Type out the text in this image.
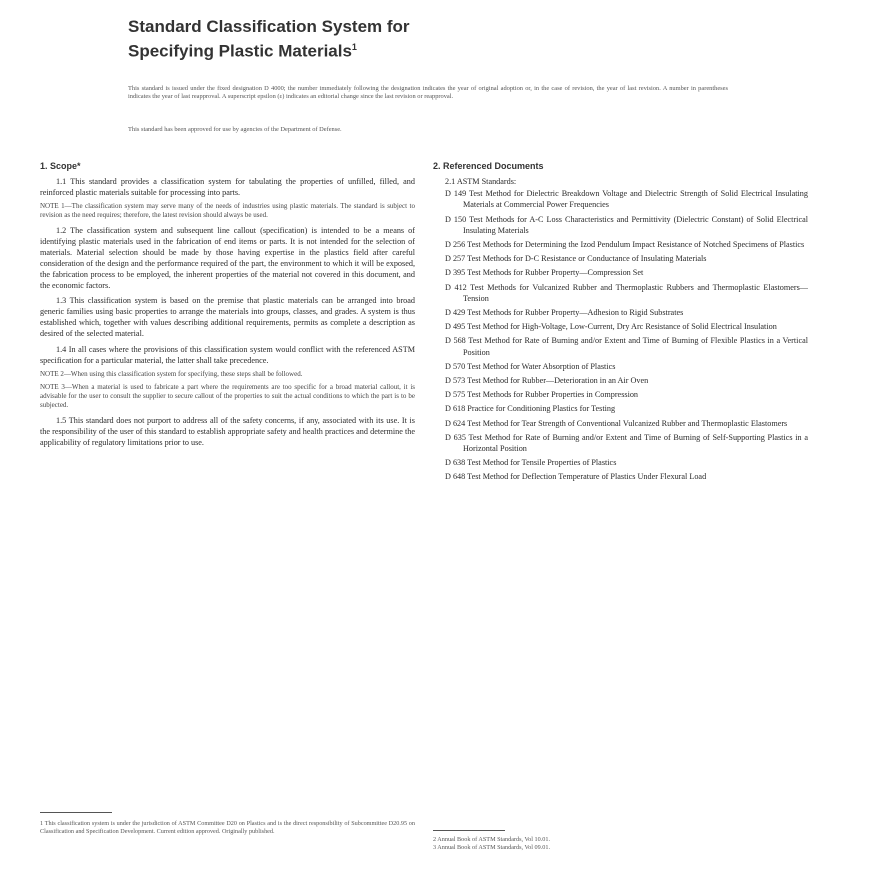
Standard Classification System for
Specifying Plastic Materials$^1$
This standard is issued under the fixed designation D 4000; the number immediately following the designation indicates the year of original adoption or, in the case of revision, the year of last revision. A number in parentheses indicates the year of last reapproval. A superscript epsilon (ε) indicates an editorial change since the last revision or reapproval.
This standard has been approved for use by agencies of the Department of Defense.
1. Scope*

1.1 This standard provides a classification system for tabulating the properties of unfilled, filled, and reinforced plastic materials suitable for processing into parts.

NOTE 1—The classification system may serve many of the needs of industries using plastic materials. The standard is subject to revision as the need requires; therefore, the latest revision should always be used.

1.2 The classification system and subsequent line callout (specification) is intended to be a means of identifying plastic materials used in the fabrication of end items or parts. It is not intended for the selection of materials. Material selection should be made by those having expertise in the plastics field after careful consideration of the design and the performance required of the part, the environment to which it will be exposed, the fabrication process to be employed, the inherent properties of the material not covered in this document, and the economic factors.

1.3 This classification system is based on the premise that plastic materials can be arranged into broad generic families using basic properties to arrange the materials into groups, classes, and grades. A system is thus established which, together with values describing additional requirements, permits as complete a description as desired of the selected material.

1.4 In all cases where the provisions of this classification system would conflict with the referenced ASTM specification for a particular material, the latter shall take precedence.

NOTE 2—When using this classification system for specifying, these steps shall be followed.

NOTE 3—When a material is used to fabricate a part where the requirements are too specific for a broad material callout, it is advisable for the user to consult the supplier to secure callout of the properties to suit the actual conditions to which the part is to be subjected.

1.5 This standard does not purport to address all of the safety concerns, if any, associated with its use. It is the responsibility of the user of this standard to establish appropriate safety and health practices and determine the applicability of regulatory limitations prior to use.

2. Referenced Documents
2.1 ASTM Standards:
D 149 Test Method for Dielectric Breakdown Voltage and Dielectric Strength of Solid Electrical Insulating Materials at Commercial Power Frequencies
D 150 Test Methods for A-C Loss Characteristics and Permittivity (Dielectric Constant) of Solid Electrical Insulating Materials
D 256 Test Methods for Determining the Izod Pendulum Impact Resistance of Notched Specimens of Plastics
D 257 Test Methods for D-C Resistance or Conductance of Insulating Materials
D 395 Test Methods for Rubber Property—Compression Set
D 412 Test Methods for Vulcanized Rubber and Thermoplastic Rubbers and Thermoplastic Elastomers—Tension
D 429 Test Methods for Rubber Property—Adhesion to Rigid Substrates
D 495 Test Method for High-Voltage, Low-Current, Dry Arc Resistance of Solid Electrical Insulation
D 568 Test Method for Rate of Burning and/or Extent and Time of Burning of Flexible Plastics in a Vertical Position
D 570 Test Method for Water Absorption of Plastics
D 573 Test Method for Rubber—Deterioration in an Air Oven
D 575 Test Methods for Rubber Properties in Compression
D 618 Practice for Conditioning Plastics for Testing
D 624 Test Method for Tear Strength of Conventional Vulcanized Rubber and Thermoplastic Elastomers
D 635 Test Method for Rate of Burning and/or Extent and Time of Burning of Self-Supporting Plastics in a Horizontal Position
D 638 Test Method for Tensile Properties of Plastics
D 648 Test Method for Deflection Temperature of Plastics Under Flexural Load
1 This classification system is under the jurisdiction of ASTM Committee D20 on Plastics and is the direct responsibility of Subcommittee D20.95 on Classification and Specification Development. Current edition approved. Originally published.
2 Annual Book of ASTM Standards, Vol 10.01.
3 Annual Book of ASTM Standards, Vol 09.01.
